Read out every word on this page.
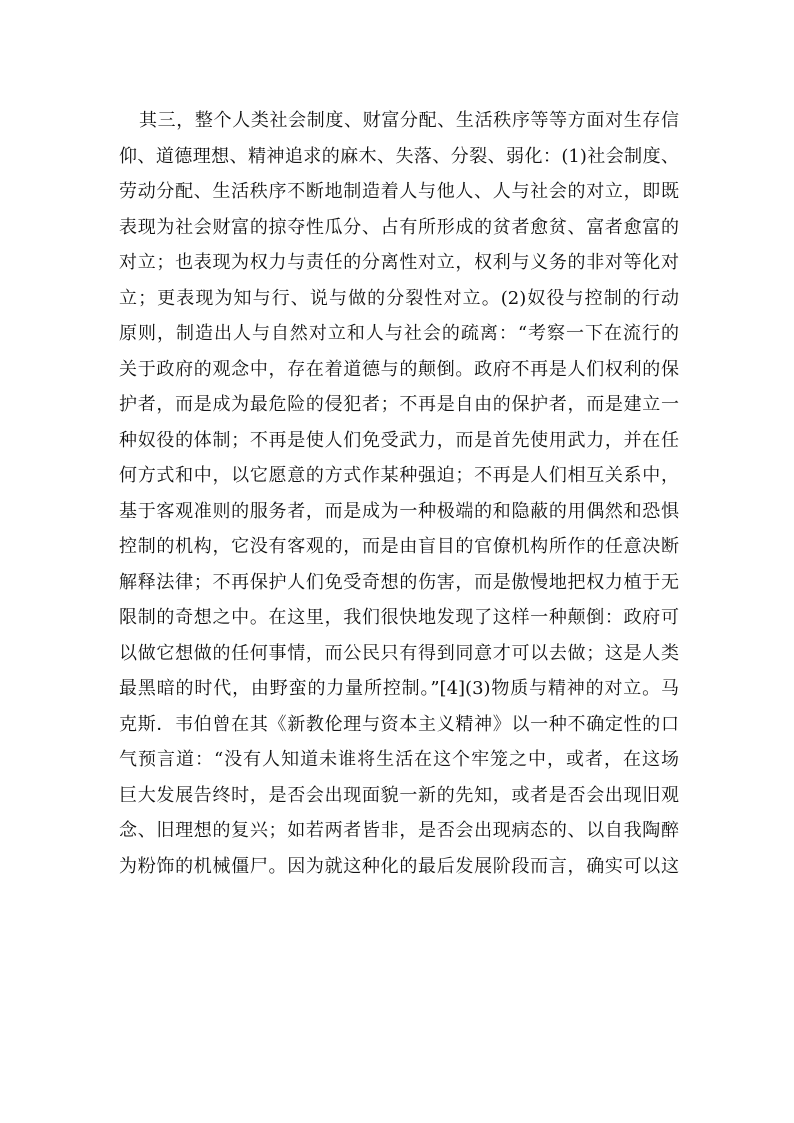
其三，整个人类社会制度、财富分配、生活秩序等等方面对生存信
仰、道德理想、精神追求的麻木、失落、分裂、弱化：(1)社会制度、
劳动分配、生活秩序不断地制造着人与他人、人与社会的对立，即既
表现为社会财富的掠夺性瓜分、占有所形成的贫者愈贫、富者愈富的
对立；也表现为权力与责任的分离性对立，权利与义务的非对等化对
立；更表现为知与行、说与做的分裂性对立。(2)奴役与控制的行动
原则，制造出人与自然对立和人与社会的疏离：“考察一下在流行的
关于政府的观念中，存在着道德与的颠倒。政府不再是人们权利的保
护者，而是成为最危险的侵犯者；不再是自由的保护者，而是建立一
种奴役的体制；不再是使人们免受武力，而是首先使用武力，并在任
何方式和中，以它愿意的方式作某种强迫；不再是人们相互关系中，
基于客观准则的服务者，而是成为一种极端的和隐蔽的用偶然和恐惧
控制的机构，它没有客观的，而是由盲目的官僚机构所作的任意决断
解释法律；不再保护人们免受奇想的伤害，而是傲慢地把权力植于无
限制的奇想之中。在这里，我们很快地发现了这样一种颠倒：政府可
以做它想做的任何事情，而公民只有得到同意才可以去做；这是人类
最黑暗的时代，由野蛮的力量所控制。”[4](3)物质与精神的对立。马
克斯．韦伯曾在其《新教伦理与资本主义精神》以一种不确定性的口
气预言道：“没有人知道未谁将生活在这个牢笼之中，或者，在这场
巨大发展告终时，是否会出现面貌一新的先知，或者是否会出现旧观
念、旧理想的复兴；如若两者皆非，是否会出现病态的、以自我陶醉
为粉饰的机械僵尸。因为就这种化的最后发展阶段而言，确实可以这
